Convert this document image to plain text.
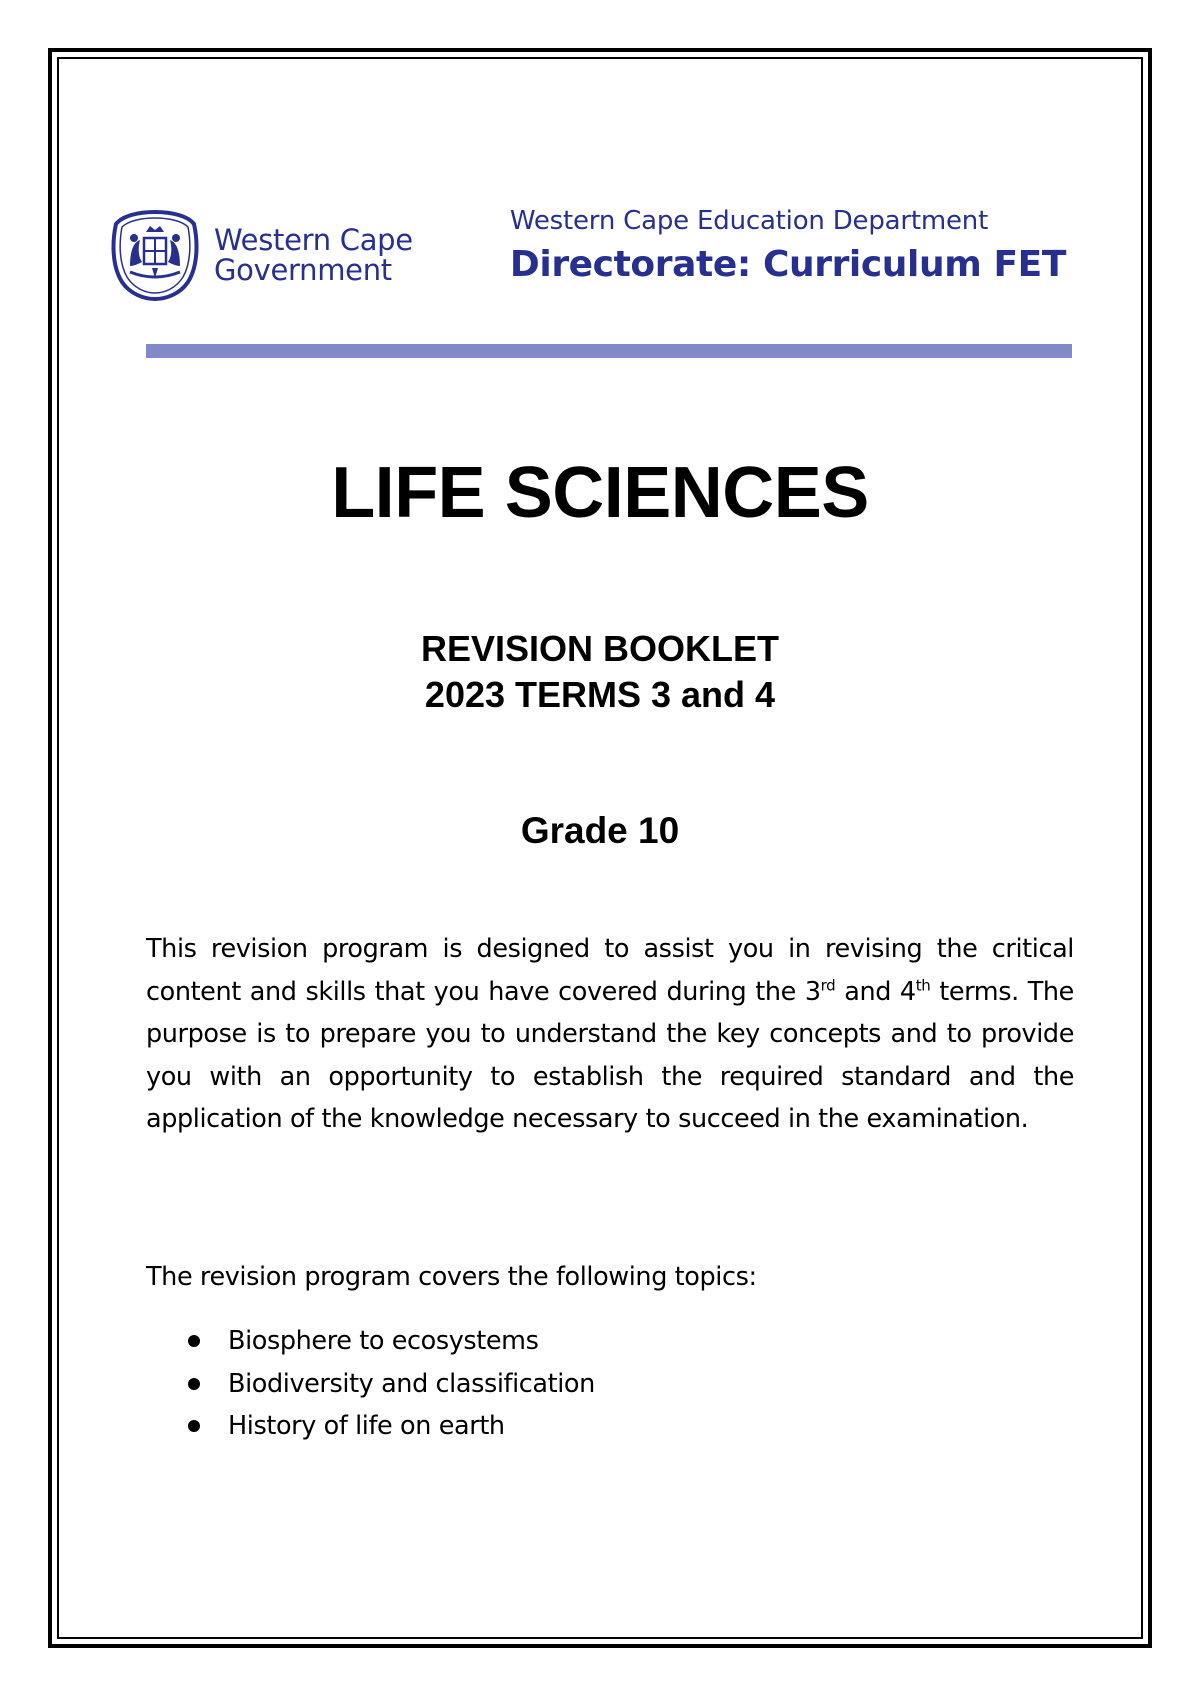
Western Cape
Government
Western Cape Education Department
Directorate: Curriculum FET
LIFE SCIENCES
REVISION BOOKLET
2023 TERMS 3 and 4
Grade 10
This revision program is designed to assist you in revising the critical content and skills that you have covered during the 3rd and 4th terms. The purpose is to prepare you to understand the key concepts and to provide you with an opportunity to establish the required standard and the application of the knowledge necessary to succeed in the examination.
The revision program covers the following topics:
Biosphere to ecosystems
Biodiversity and classification
History of life on earth
